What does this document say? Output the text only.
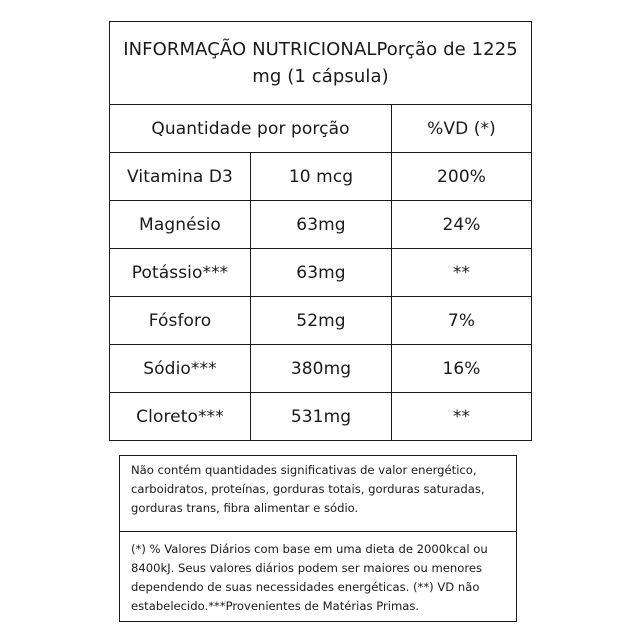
INFORMAÇÃO NUTRICIONALPorção de 1225 mg (1 cápsula)		
Quantidade por porção		%VD (*)
Vitamina D3	10 mcg	200%
Magnésio	63mg	24%
Potássio***	63mg	**
Fósforo	52mg	7%
Sódio***	380mg	16%
Cloreto***	531mg	**
Não contém quantidades significativas de valor energético, carboidratos, proteínas, gorduras totais, gorduras saturadas, gorduras trans, fibra alimentar e sódio.
(*) % Valores Diários com base em uma dieta de 2000kcal ou 8400kJ. Seus valores diários podem ser maiores ou menores dependendo de suas necessidades energéticas. (**) VD não estabelecido.***Provenientes de Matérias Primas.
